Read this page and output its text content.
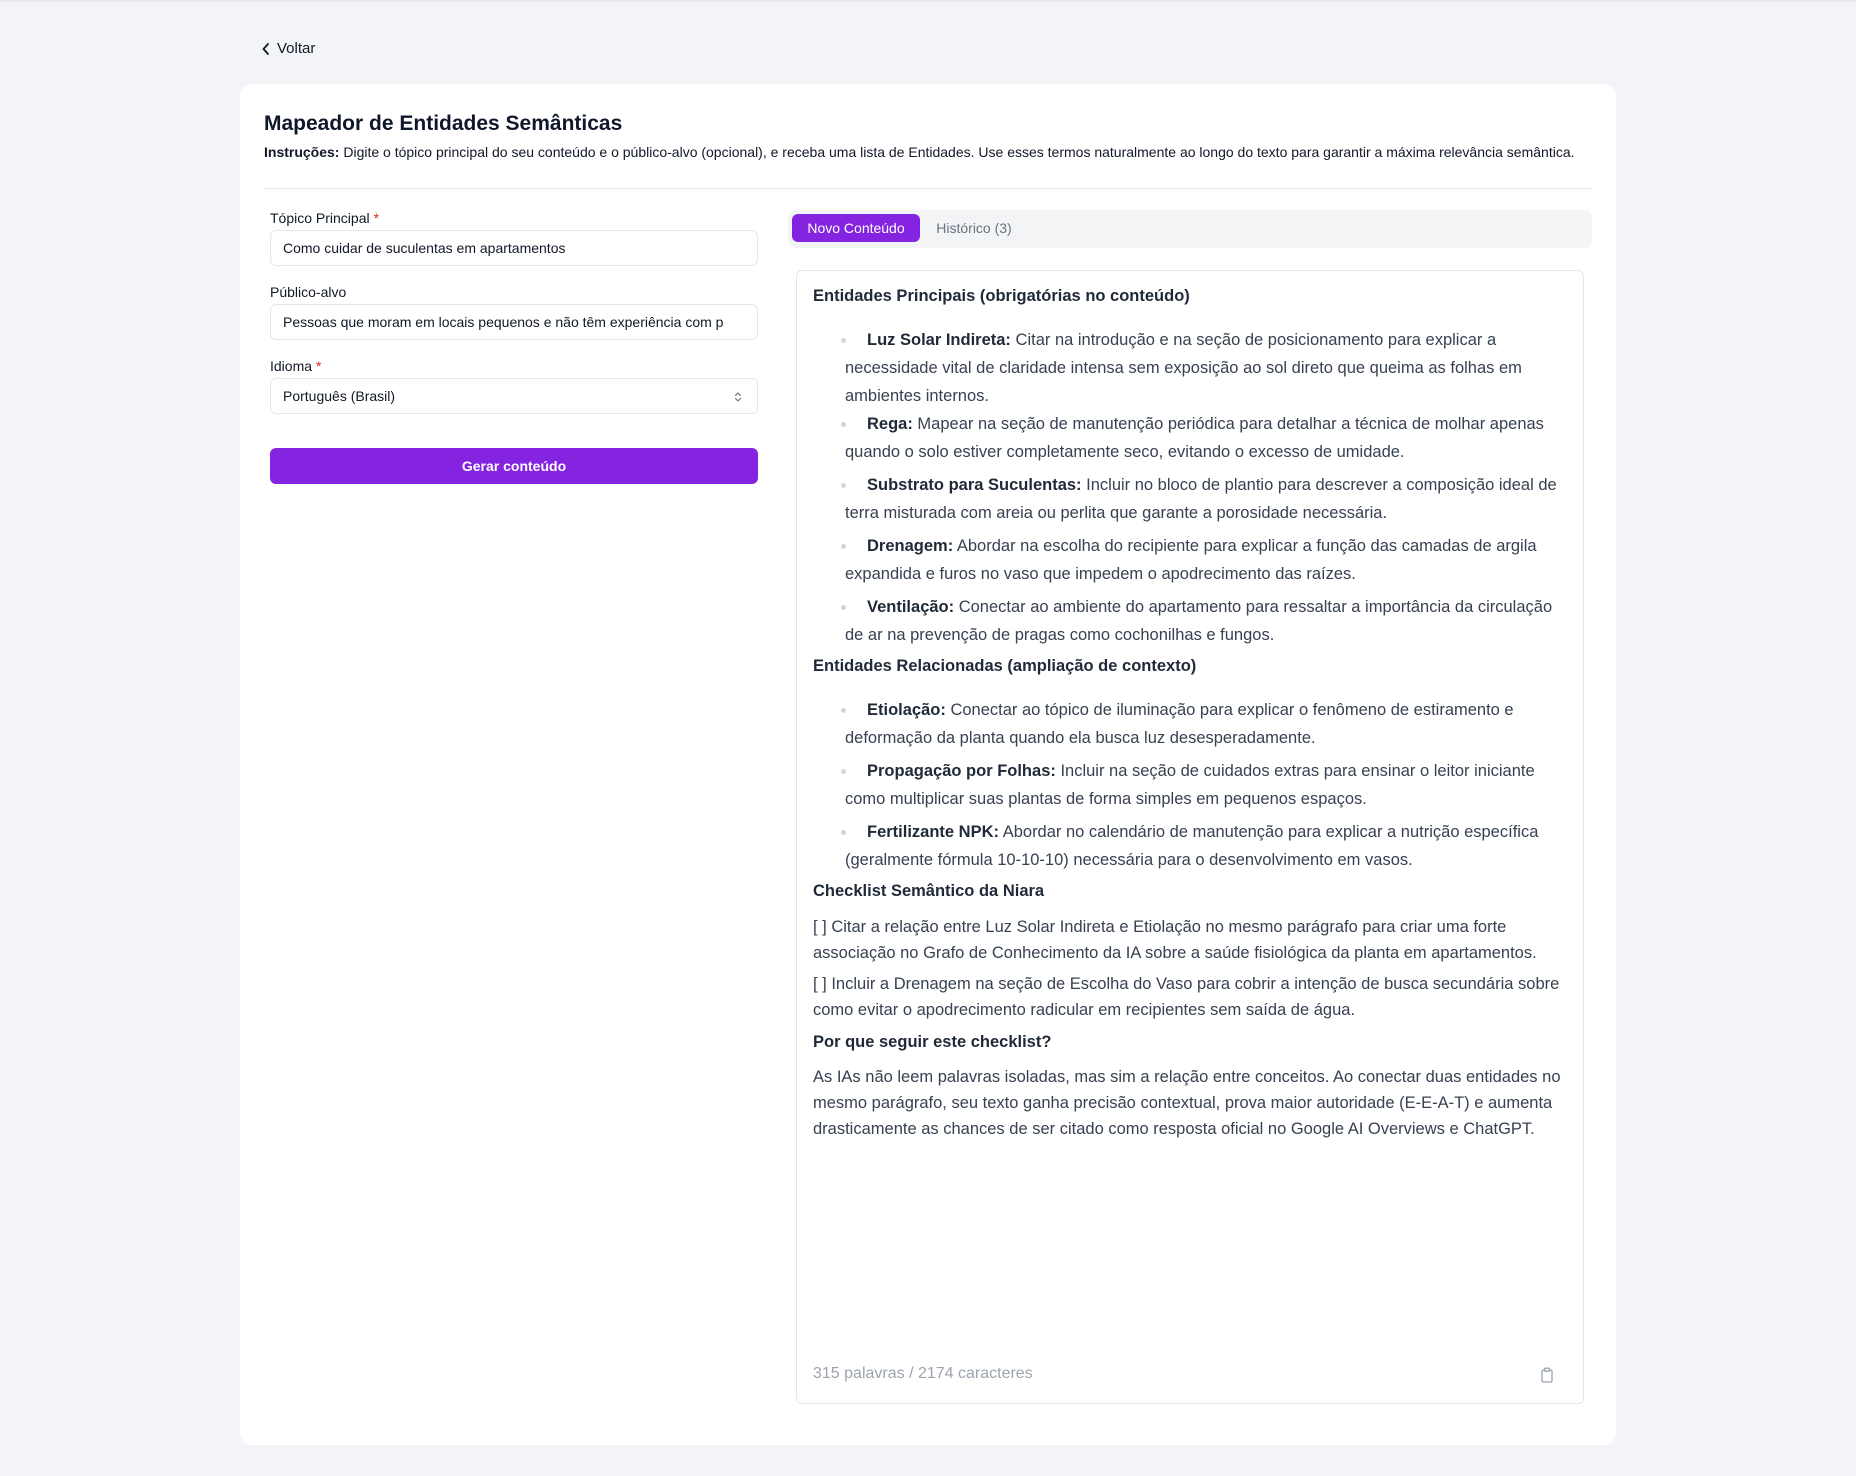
Voltar
Mapeador de Entidades Semânticas

Instruções: Digite o tópico principal do seu conteúdo e o público-alvo (opcional), e receba uma lista de Entidades. Use esses termos naturalmente ao longo do texto para garantir a máxima relevância semântica.

Tópico Principal *
Como cuidar de suculentas em apartamentos
Público-alvo
Pessoas que moram em locais pequenos e não têm experiência com p
Idioma *
Português (Brasil)
Gerar conteúdo
Novo Conteúdo	Histórico (3)
Entidades Principais (obrigatórias no conteúdo)
Luz Solar Indireta: Citar na introdução e na seção de posicionamento para explicar a necessidade vital de claridade intensa sem exposição ao sol direto que queima as folhas em ambientes internos.
Rega: Mapear na seção de manutenção periódica para detalhar a técnica de molhar apenas quando o solo estiver completamente seco, evitando o excesso de umidade.
Substrato para Suculentas: Incluir no bloco de plantio para descrever a composição ideal de terra misturada com areia ou perlita que garante a porosidade necessária.
Drenagem: Abordar na escolha do recipiente para explicar a função das camadas de argila expandida e furos no vaso que impedem o apodrecimento das raízes.
Ventilação: Conectar ao ambiente do apartamento para ressaltar a importância da circulação de ar na prevenção de pragas como cochonilhas e fungos.
Entidades Relacionadas (ampliação de contexto)
Etiolação: Conectar ao tópico de iluminação para explicar o fenômeno de estiramento e deformação da planta quando ela busca luz desesperadamente.
Propagação por Folhas: Incluir na seção de cuidados extras para ensinar o leitor iniciante como multiplicar suas plantas de forma simples em pequenos espaços.
Fertilizante NPK: Abordar no calendário de manutenção para explicar a nutrição específica (geralmente fórmula 10-10-10) necessária para o desenvolvimento em vasos.
Checklist Semântico da Niara
[ ] Citar a relação entre Luz Solar Indireta e Etiolação no mesmo parágrafo para criar uma forte associação no Grafo de Conhecimento da IA sobre a saúde fisiológica da planta em apartamentos.
[ ] Incluir a Drenagem na seção de Escolha do Vaso para cobrir a intenção de busca secundária sobre como evitar o apodrecimento radicular em recipientes sem saída de água.
Por que seguir este checklist?
As IAs não leem palavras isoladas, mas sim a relação entre conceitos. Ao conectar duas entidades no mesmo parágrafo, seu texto ganha precisão contextual, prova maior autoridade (E-E-A-T) e aumenta drasticamente as chances de ser citado como resposta oficial no Google AI Overviews e ChatGPT.
315 palavras / 2174 caracteres
